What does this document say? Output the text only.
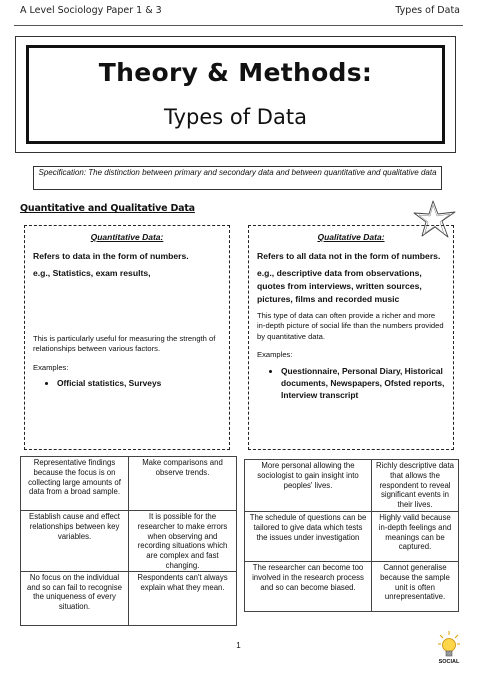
A Level Sociology Paper 1 & 3	Types of Data
Theory & Methods:
Types of Data
Specification: The distinction between primary and secondary data and between quantitative and qualitative data
Quantitative and Qualitative Data
Quantitative Data:
Refers to data in the form of numbers.
e.g., Statistics, exam results,
This is particularly useful for measuring the strength of relationships between various factors.
Examples:
• Official statistics, Surveys
Qualitative Data:
Refers to all data not in the form of numbers.
e.g., descriptive data from observations, quotes from interviews, written sources, pictures, films and recorded music
This type of data can often provide a richer and more in-depth picture of social life than the numbers provided by quantitative data.
Examples:
• Questionnaire, Personal Diary, Historical documents, Newspapers, Ofsted reports, Interview transcript
Representative findings because the focus is on collecting large amounts of data from a broad sample.	Make comparisons and observe trends.
Establish cause and effect relationships between key variables.	It is possible for the researcher to make errors when observing and recording situations which are complex and fast changing.
No focus on the individual and so can fail to recognise the uniqueness of every situation.	Respondents can't always explain what they mean.
More personal allowing the sociologist to gain insight into peoples' lives.	Richly descriptive data that allows the respondent to reveal significant events in their lives.
The schedule of questions can be tailored to give data which tests the issues under investigation	Highly valid because in-depth feelings and meanings can be captured.
The researcher can become too involved in the research process and so can become biased.	Cannot generalise because the sample unit is often unrepresentative.
1
SOCIAL
